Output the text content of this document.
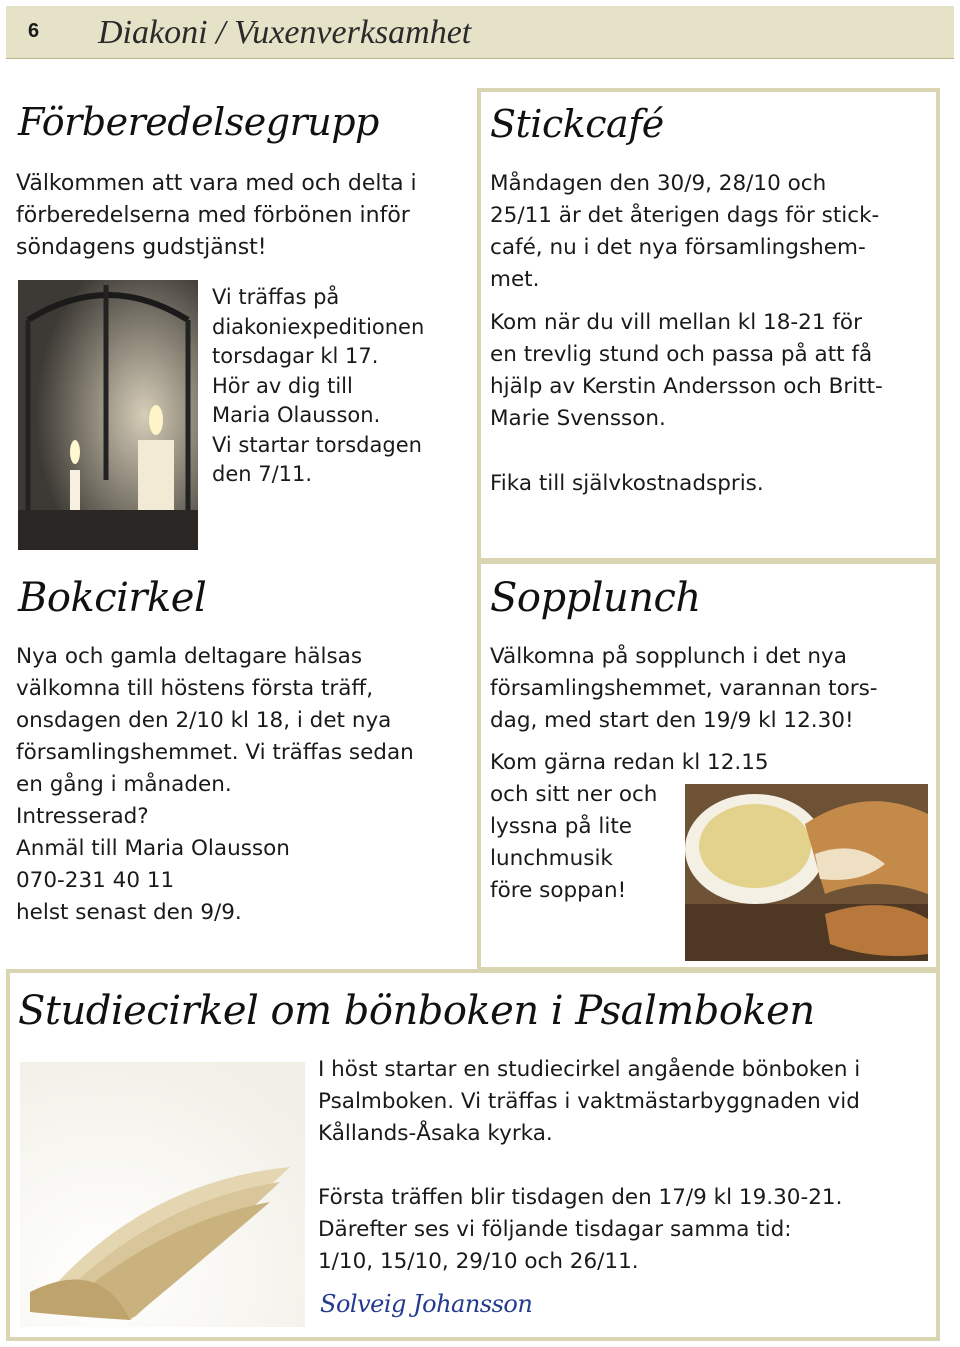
6 Diakoni / Vuxenverksamhet
Förberedelsegrupp
Välkommen att vara med och delta i
förberedelserna med förbönen inför
söndagens gudstjänst!
Vi träffas på
diakoniexpeditionen
torsdagar kl 17.
Hör av dig till
Maria Olausson.
Vi startar torsdagen
den 7/11.
Stickcafé
Måndagen den 30/9, 28/10 och
25/11 är det återigen dags för stick-
café, nu i det nya församlingshem-
met.
Kom när du vill mellan kl 18-21 för
en trevlig stund och passa på att få
hjälp av Kerstin Andersson och Britt-
Marie Svensson.
Fika till självkostnadspris.
Bokcirkel
Nya och gamla deltagare hälsas
välkomna till höstens första träff,
onsdagen den 2/10 kl 18, i det nya
församlingshemmet. Vi träffas sedan
en gång i månaden.
Intresserad?
Anmäl till Maria Olausson
070-231 40 11
helst senast den 9/9.
Sopplunch
Välkomna på sopplunch i det nya
församlingshemmet, varannan tors-
dag, med start den 19/9 kl 12.30!
Kom gärna redan kl 12.15
och sitt ner och
lyssna på lite
lunchmusik
före soppan!
Studiecirkel om bönboken i Psalmboken
I höst startar en studiecirkel angående bönboken i
Psalmboken. Vi träffas i vaktmästarbyggnaden vid
Kållands-Åsaka kyrka.
Första träffen blir tisdagen den 17/9 kl 19.30-21.
Därefter ses vi följande tisdagar samma tid:
1/10, 15/10, 29/10 och 26/11.
Solveig Johansson
